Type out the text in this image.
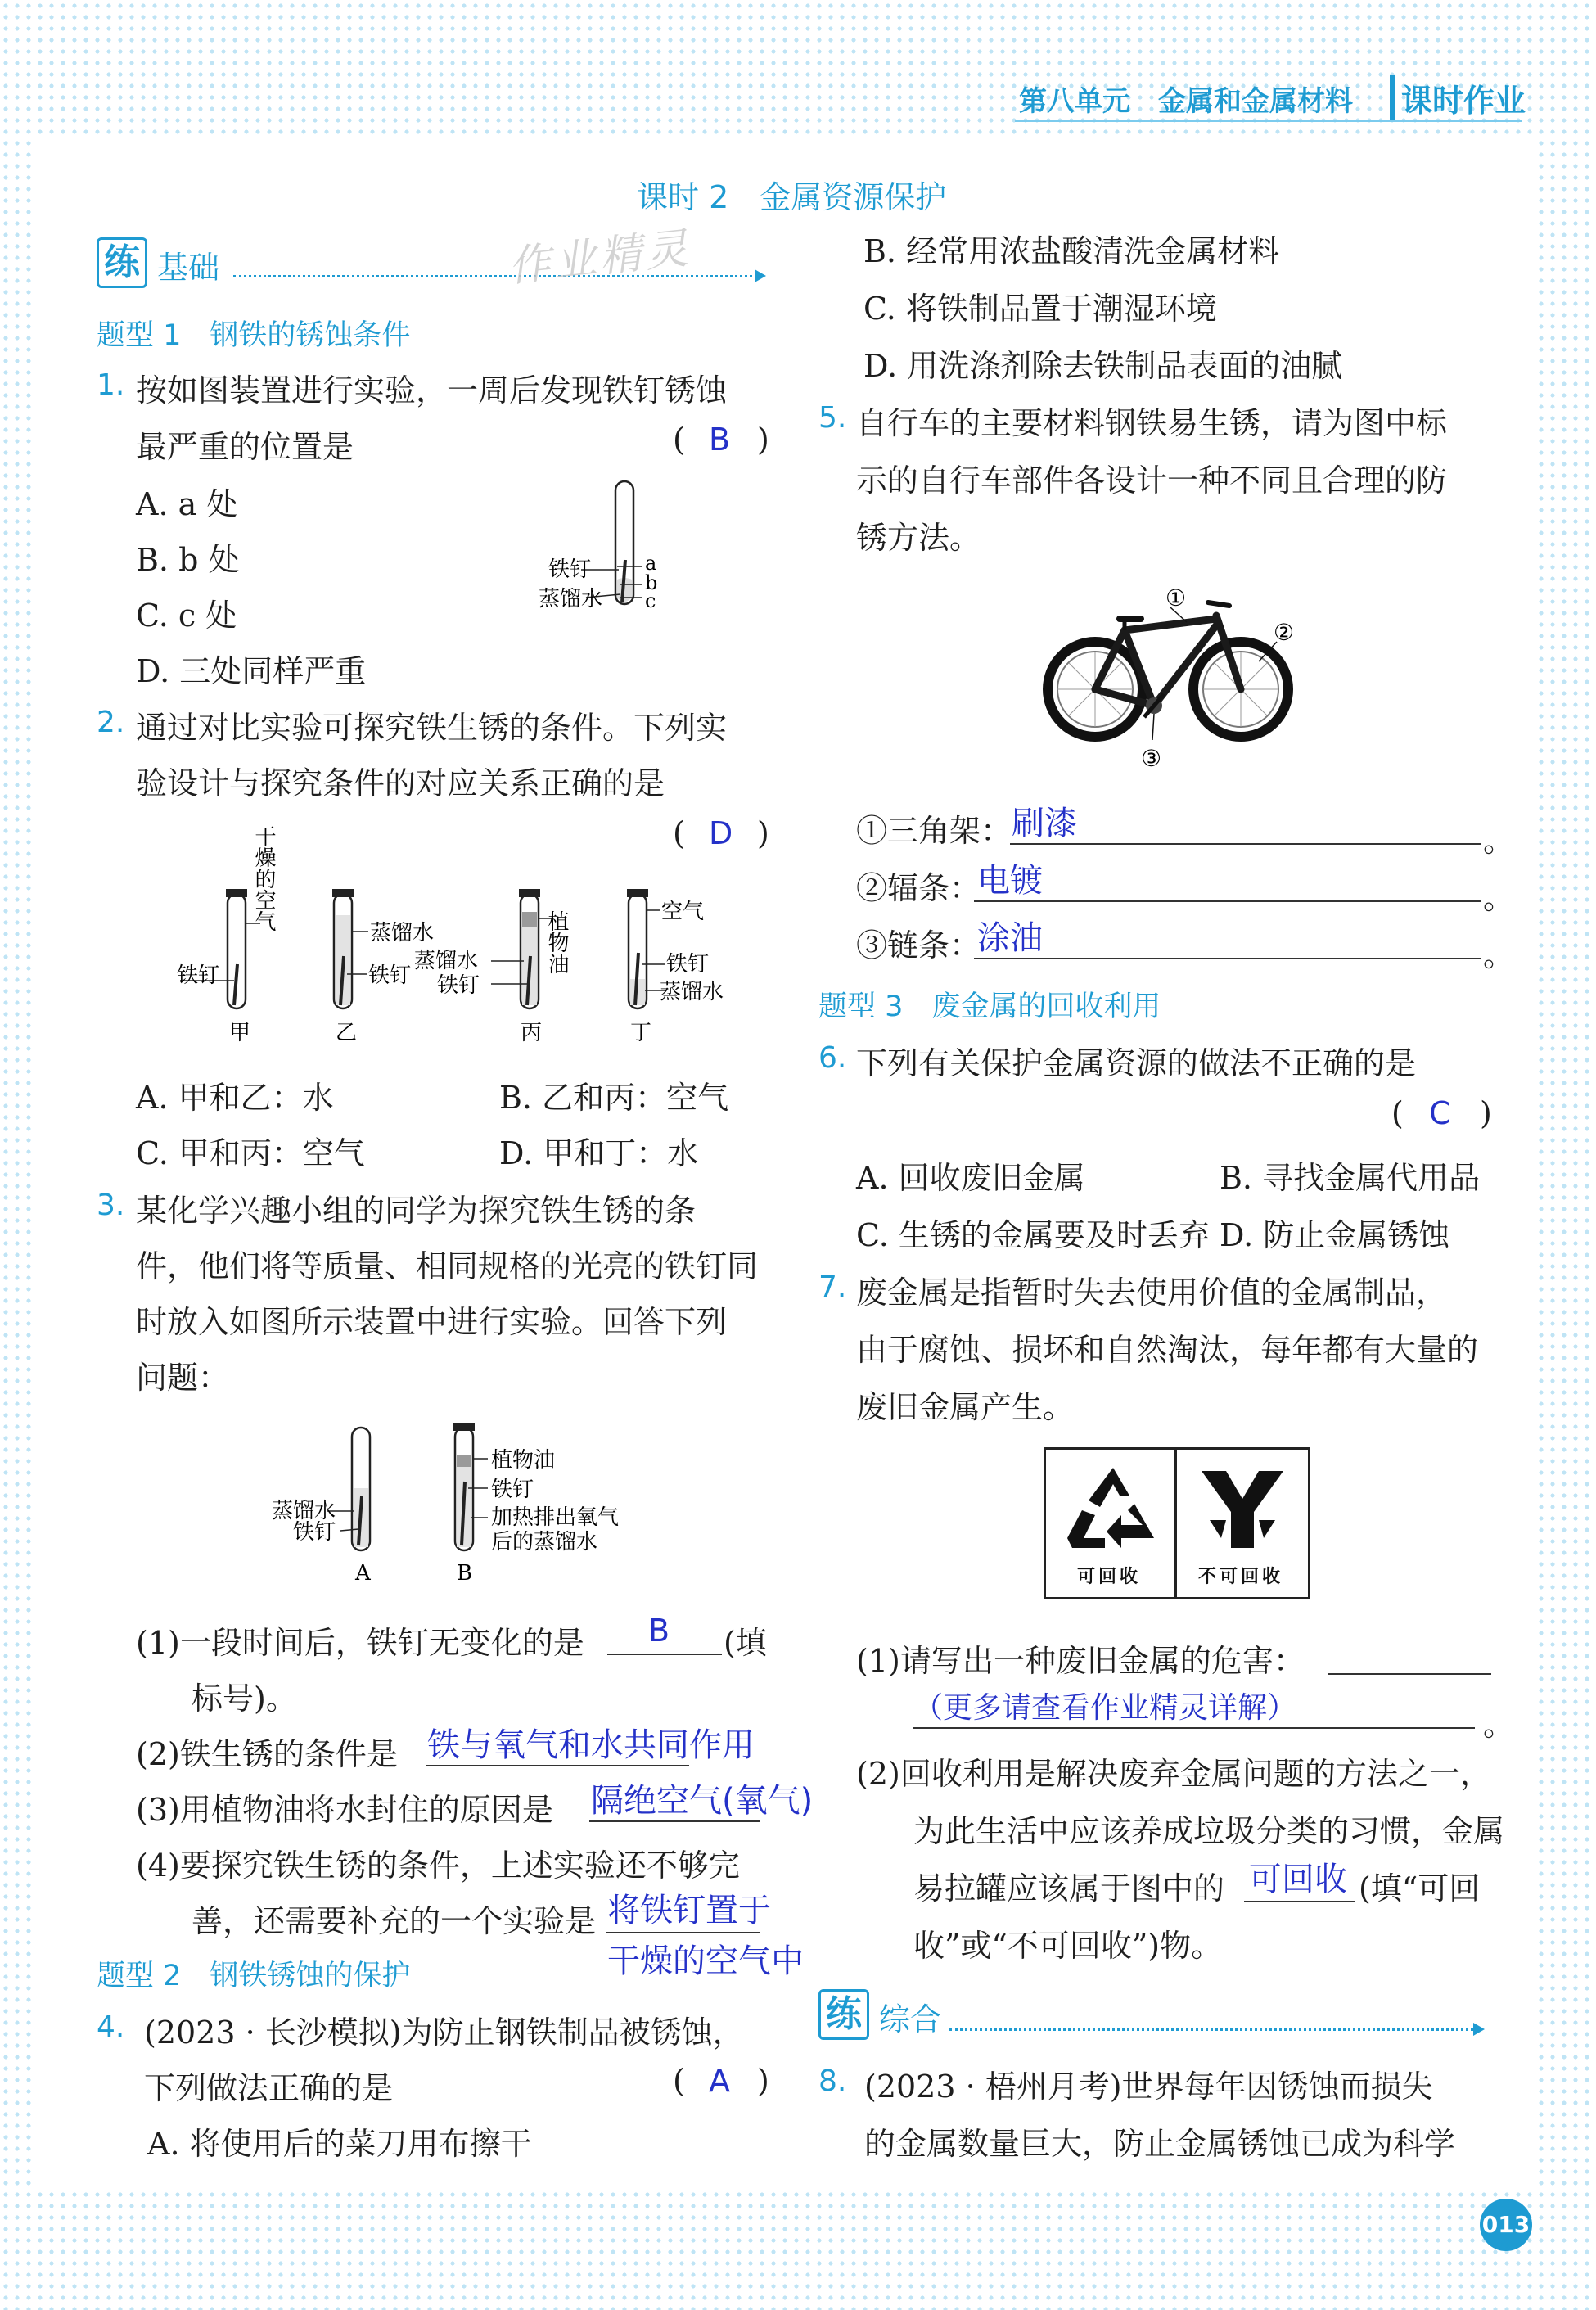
第八单元　金属和金属材料	课时作业
课时 2　金属资源保护
练 基础	作业精灵
题型 1　钢铁的锈蚀条件
1. 按如图装置进行实验，一周后发现铁钉锈蚀
最严重的位置是	( B )
A. a 处
B. b 处
C. c 处
D. 三处同样严重
铁钉
蒸馏水
a
b
c
2. 通过对比实验可探究铁生锈的条件。下列实
验设计与探究条件的对应关系正确的是
( D )
铁钉
干燥的空气
甲
蒸馏水
铁钉
乙
蒸馏水
铁钉
植物油
丙
空气
铁钉
蒸馏水
丁
A. 甲和乙：水	B. 乙和丙：空气
C. 甲和丙：空气	D. 甲和丁：水
3. 某化学兴趣小组的同学为探究铁生锈的条
件，他们将等质量、相同规格的光亮的铁钉同
时放入如图所示装置中进行实验。回答下列
问题：
蒸馏水
铁钉
A
植物油
铁钉
加热排出氧气
后的蒸馏水
B
(1)一段时间后，铁钉无变化的是 B (填
标号)。
(2)铁生锈的条件是 铁与氧气和水共同作用
(3)用植物油将水封住的原因是 隔绝空气(氧气)
(4)要探究铁生锈的条件，上述实验还不够完
善，还需要补充的一个实验是 将铁钉置于
干燥的空气中
题型 2　钢铁锈蚀的保护
4. (2023 · 长沙模拟)为防止钢铁制品被锈蚀，
下列做法正确的是	( A )
A. 将使用后的菜刀用布擦干
B. 经常用浓盐酸清洗金属材料
C. 将铁制品置于潮湿环境
D. 用洗涤剂除去铁制品表面的油腻
5. 自行车的主要材料钢铁易生锈，请为图中标
示的自行车部件各设计一种不同且合理的防
锈方法。
①
②
③
①三角架： 刷漆	。
②辐条：
电镀	。
③链条：
涂油	。
题型 3　废金属的回收利用
6. 下列有关保护金属资源的做法不正确的是
( C )
A. 回收废旧金属	B. 寻找金属代用品
C. 生锈的金属要及时丢弃 D. 防止金属锈蚀
7. 废金属是指暂时失去使用价值的金属制品，
由于腐蚀、损坏和自然淘汰，每年都有大量的
废旧金属产生。
可回收	不可回收
(1)请写出一种废旧金属的危害：
（更多请查看作业精灵详解）	。
(2)回收利用是解决废弃金属问题的方法之一，
为此生活中应该养成垃圾分类的习惯，金属
易拉罐应该属于图中的 可回收 (填“可回
收”或“不可回收”)物。
练 综合
8. (2023 · 梧州月考)世界每年因锈蚀而损失
的金属数量巨大，防止金属锈蚀已成为科学
013
